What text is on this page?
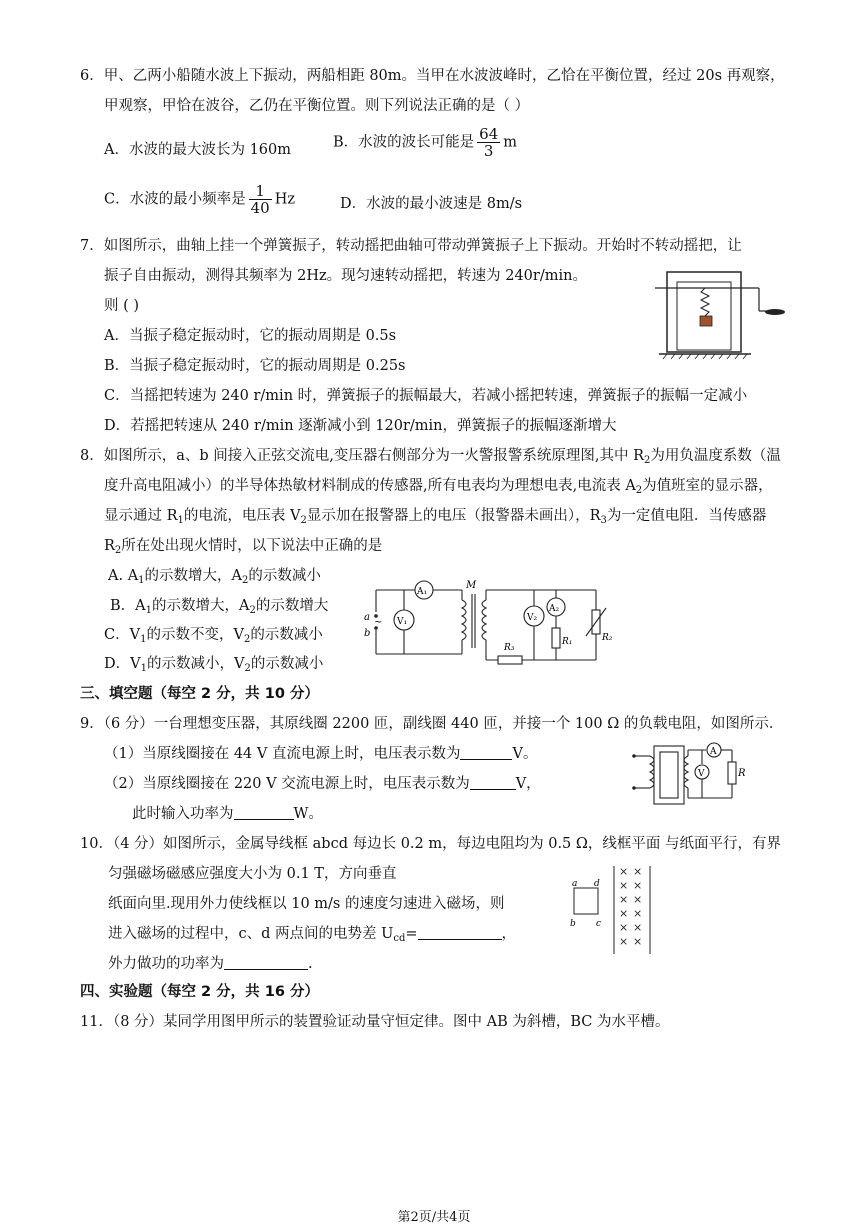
6．甲、乙两小船随水波上下振动，两船相距 80m。当甲在水波波峰时，乙恰在平衡位置，经过 20s 再观察，
甲观察，甲恰在波谷，乙仍在平衡位置。则下列说法正确的是（ ）
A．水波的最大波长为 160m	B．水波的波长可能是 $\frac{64}{3}$ m
C．水波的最小频率是 $\frac{1}{40}$ Hz	D．水波的最小波速是 8m/s
7．如图所示，曲轴上挂一个弹簧振子，转动摇把曲轴可带动弹簧振子上下振动。开始时不转动摇把，让
振子自由振动，测得其频率为 2Hz。现匀速转动摇把，转速为 240r/min。
则 ( )
A．当振子稳定振动时，它的振动周期是 0.5s
B．当振子稳定振动时，它的振动周期是 0.25s
C．当摇把转速为 240 r/min 时，弹簧振子的振幅最大，若减小摇把转速，弹簧振子的振幅一定减小
D．若摇把转速从 240 r/min 逐渐减小到 120r/min，弹簧振子的振幅逐渐增大
8．如图所示，a、b 间接入正弦交流电,变压器右侧部分为一火警报警系统原理图,其中 $R_2$为用负温度系数（温
度升高电阻减小）的半导体热敏材料制成的传感器,所有电表均为理想电表,电流表 $A_2$为值班室的显示器，
显示通过 $R_1$的电流，电压表 $V_2$显示加在报警器上的电压（报警器未画出），$R_3$为一定值电阻．当传感器
$R_2$所在处出现火情时，以下说法中正确的是
A. $A_1$的示数增大，$A_2$的示数减小
B．$A_1$的示数增大，$A_2$的示数增大
C．$V_1$的示数不变，$V_2$的示数减小
D．$V_1$的示数减小，$V_2$的示数减小
a ~
b
A₁
V₁
M
V₂
A₂
R₁	R₂
R₃
三、填空题（每空 2 分，共 10 分）
9．（6 分）一台理想变压器，其原线圈 2200 匝，副线圈 440 匝，并接一个 100 Ω 的负载电阻，如图所示．
（1）当原线圈接在 44 V 直流电源上时，电压表示数为	V。
（2）当原线圈接在 220 V 交流电源上时，电压表示数为	V，
此时输入功率为	W。
A
V	R
10．（4 分）如图所示，金属导线框 abcd 每边长 0.2 m，每边电阻均为 0.5 Ω，线框平面 与纸面平行，有界
匀强磁场磁感应强度大小为 0.1 T，方向垂直
纸面向里.现用外力使线框以 10 m/s 的速度匀速进入磁场，则
进入磁场的过程中，c、d 两点间的电势差 $U_{cd}=$	，
外力做功的功率为	.
a d
b c
× ×
× ×
× ×
× ×
× ×
× ×
四、实验题（每空 2 分，共 16 分）
11．（8 分）某同学用图甲所示的装置验证动量守恒定律。图中 AB 为斜槽，BC 为水平槽。
第2页/共4页
